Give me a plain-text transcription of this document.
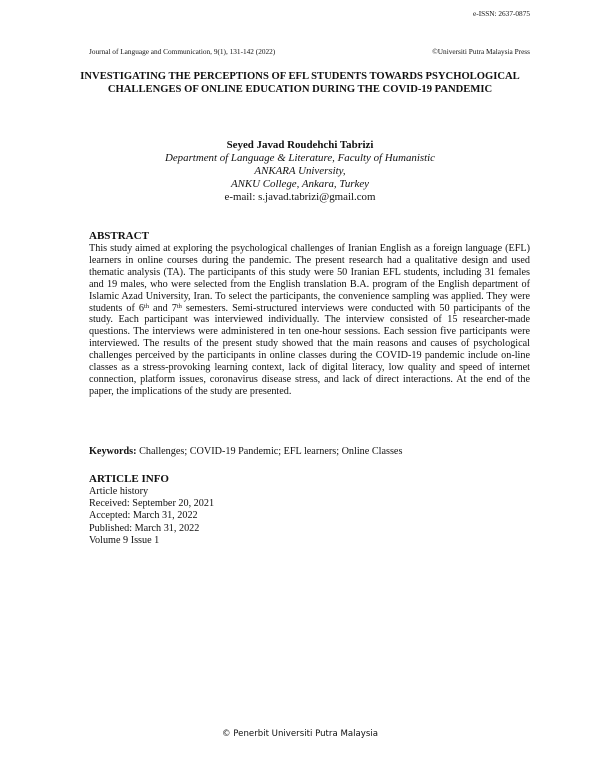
e-ISSN: 2637-0875
Journal of Language and Communication, 9(1), 131-142 (2022)	©Universiti Putra Malaysia Press
INVESTIGATING THE PERCEPTIONS OF EFL STUDENTS TOWARDS PSYCHOLOGICAL CHALLENGES OF ONLINE EDUCATION DURING THE COVID-19 PANDEMIC
Seyed Javad Roudehchi Tabrizi
Department of Language & Literature, Faculty of Humanistic
ANKARA University,
ANKU College, Ankara, Turkey
e-mail: s.javad.tabrizi@gmail.com
ABSTRACT
This study aimed at exploring the psychological challenges of Iranian English as a foreign language (EFL) learners in online courses during the pandemic. The present research had a qualitative design and used thematic analysis (TA). The participants of this study were 50 Iranian EFL students, including 31 females and 19 males, who were selected from the English translation B.A. program of the English department of Islamic Azad University, Iran. To select the participants, the convenience sampling was applied. They were students of 6th and 7th semesters. Semi-structured interviews were conducted with 50 participants of the study. Each participant was interviewed individually. The interview consisted of 15 researcher-made questions. The interviews were administered in ten one-hour sessions. Each session five participants were interviewed. The results of the present study showed that the main reasons and causes of psychological challenges perceived by the participants in online classes during the COVID-19 pandemic include on-line classes as a stress-provoking learning context, lack of digital literacy, low quality and speed of internet connection, platform issues, coronavirus disease stress, and lack of direct interactions. At the end of the paper, the implications of the study are presented.
Keywords: Challenges; COVID-19 Pandemic; EFL learners; Online Classes
ARTICLE INFO
Article history
Received: September 20, 2021
Accepted: March 31, 2022
Published: March 31, 2022
Volume 9 Issue 1
© Penerbit Universiti Putra Malaysia
